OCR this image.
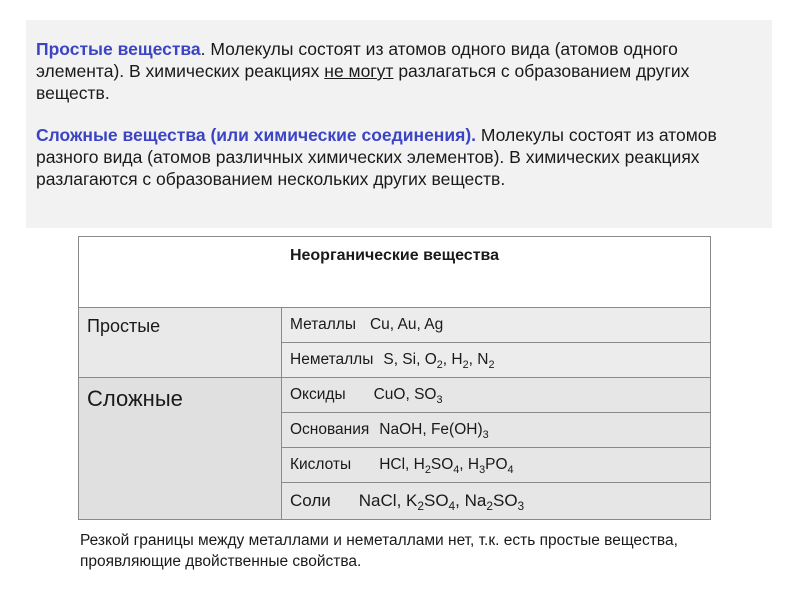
Простые вещества. Молекулы состоят из атомов одного вида (атомов одного элемента). В химических реакциях не могут разлагаться с образованием других веществ.

Сложные вещества (или химические соединения). Молекулы состоят из атомов разного вида (атомов различных химических элементов). В химических реакциях разлагаются с образованием нескольких других веществ.

Неорганические вещества	
Простые	Металлы Cu, Au, Ag
	Неметаллы S, Si, $O_2$, $H_2$, $N_2$
Сложные	Оксиды CuO, $SO_3$
	Основания NaOH, $Fe(OH)_3$
	Кислоты HCl, $H_2SO_4$, $H_3PO_4$
	Соли NaCl, $K_2SO_4$, $Na_2SO_3$
Резкой границы между металлами и неметаллами нет, т.к. есть простые вещества, проявляющие двойственные свойства.
